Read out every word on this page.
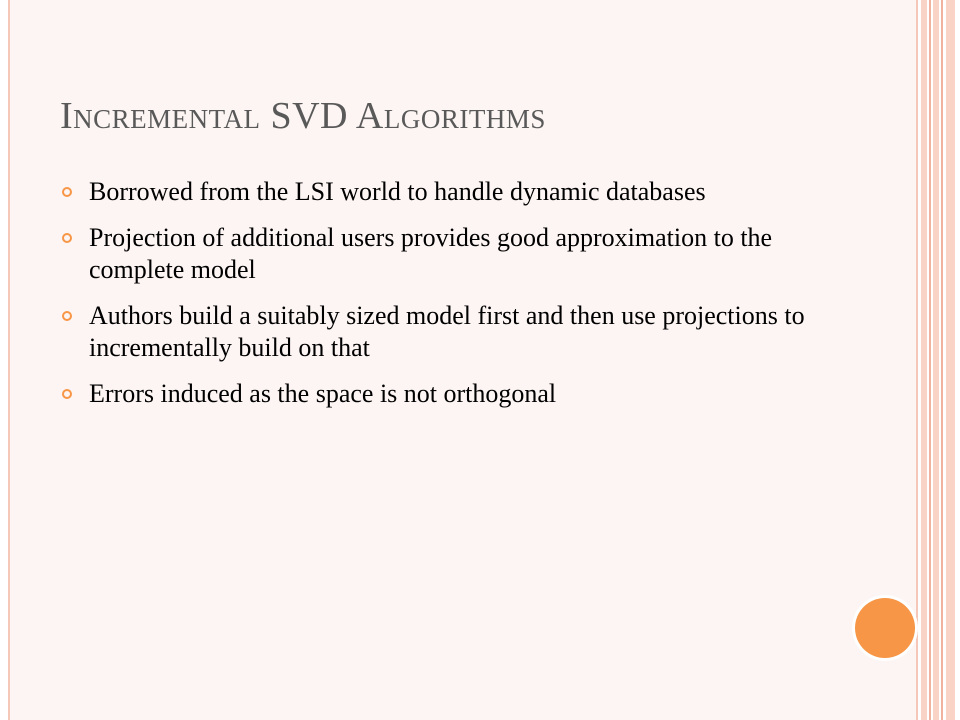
Incremental SVD Algorithms
Borrowed from the LSI world to handle dynamic databases
Projection of additional users provides good approximation to the complete model
Authors build a suitably sized model first and then use projections to incrementally build on that
Errors induced as the space is not orthogonal
